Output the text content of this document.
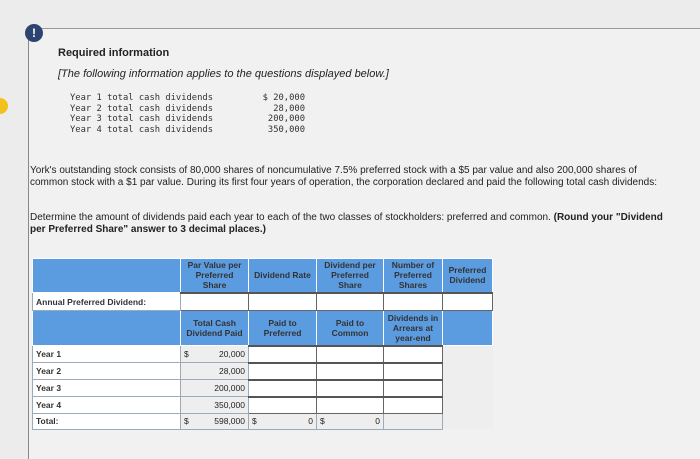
!
Required information
[The following information applies to the questions displayed below.]
Year 1 total cash dividends
Year 2 total cash dividends
Year 3 total cash dividends
Year 4 total cash dividends
$ 20,000
28,000
200,000
350,000
York's outstanding stock consists of 80,000 shares of noncumulative 7.5% preferred stock with a $5 par value and also 200,000 shares of common stock with a $1 par value. During its first four years of operation, the corporation declared and paid the following total cash dividends:
Determine the amount of dividends paid each year to each of the two classes of stockholders: preferred and common. (Round your "Dividend per Preferred Share" answer to 3 decimal places.)
	Par Value per Preferred Share	Dividend Rate	Dividend per Preferred Share	Number of Preferred Shares	Preferred Dividend
Annual Preferred Dividend:					
	Total Cash Dividend Paid	Paid to Preferred	Paid to Common	Dividends in Arrears at year-end	
Year 1	$	20,000				
Year 2	28,000				
Year 3	200,000				
Year 4	350,000				
Total:	$	598,000	$	0	$	0		
